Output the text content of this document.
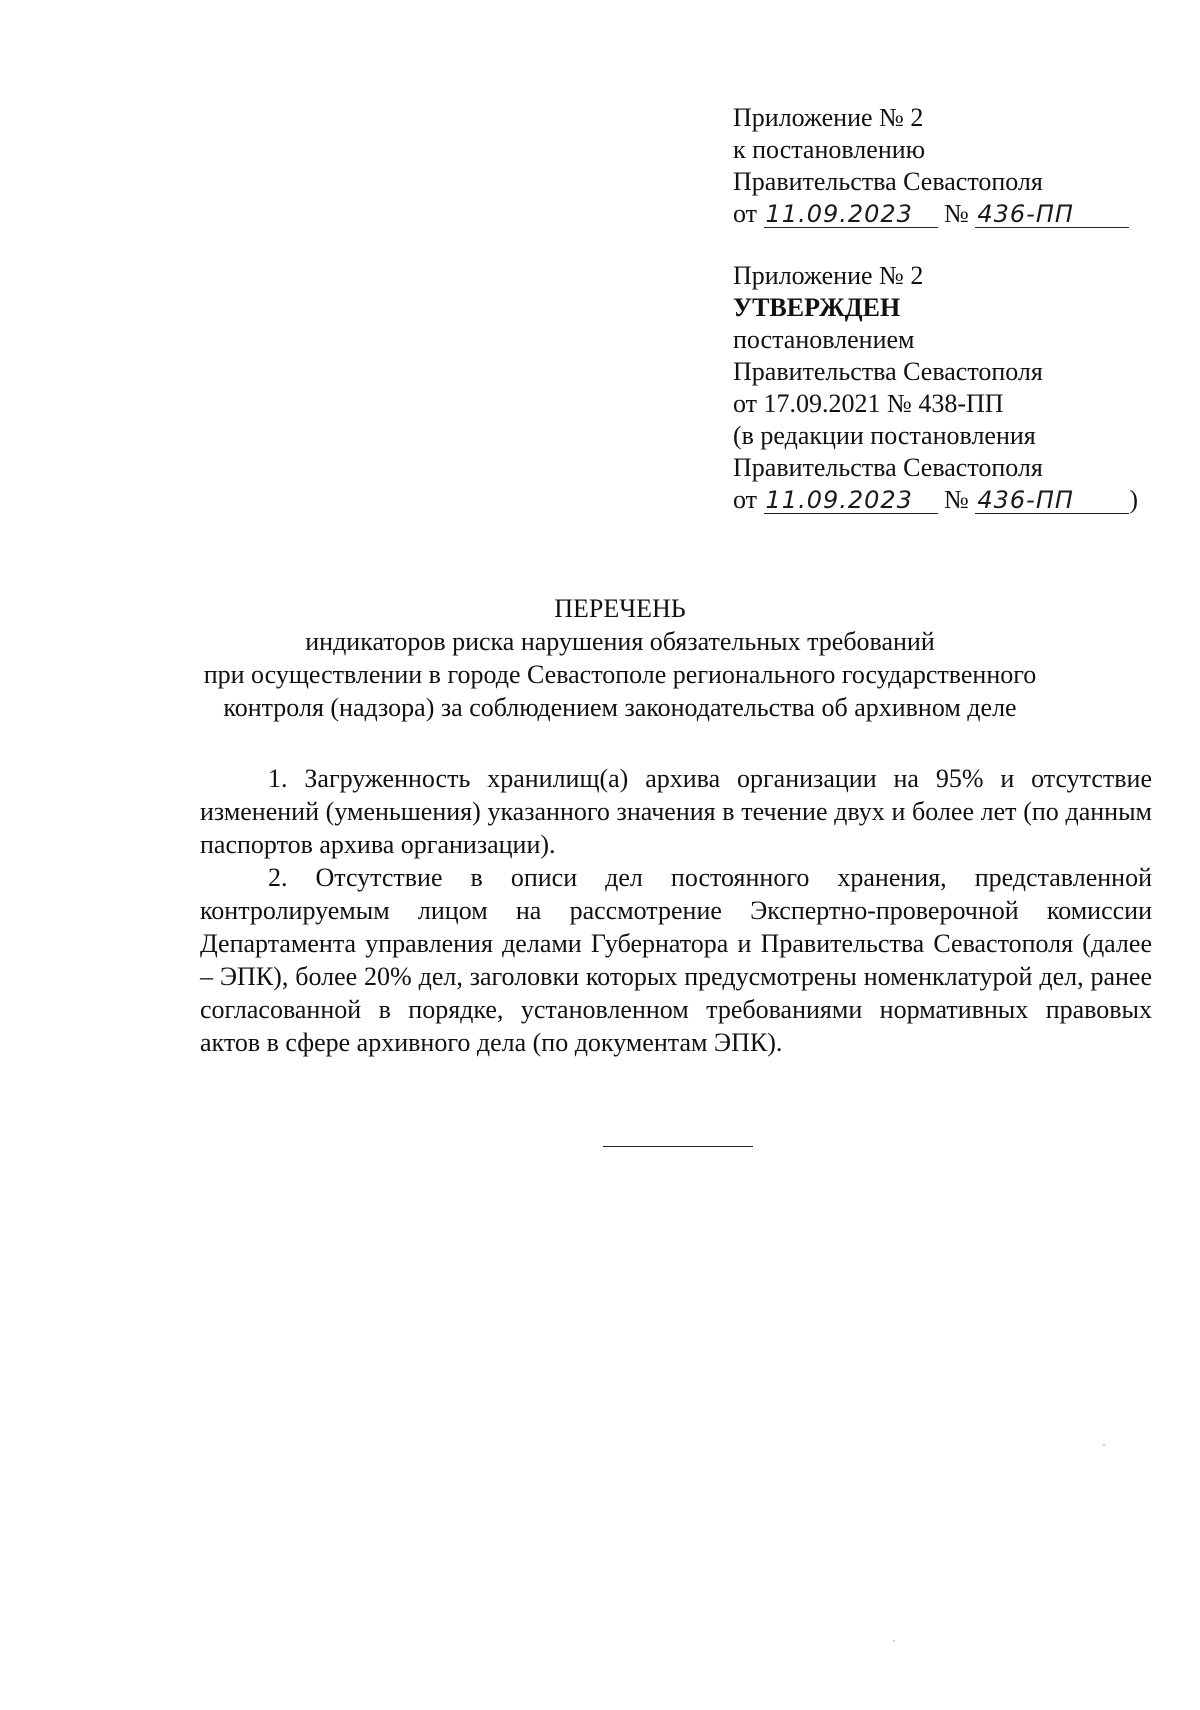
Приложение № 2
к постановлению
Правительства Севастополя
от 11.09.2023 № 436-ПП
Приложение № 2
УТВЕРЖДЕН
постановлением
Правительства Севастополя
от 17.09.2021 № 438-ПП
(в редакции постановления
Правительства Севастополя
от 11.09.2023 № 436-ПП )
ПЕРЕЧЕНЬ
индикаторов риска нарушения обязательных требований
при осуществлении в городе Севастополе регионального государственного
контроля (надзора) за соблюдением законодательства об архивном деле

1. Загруженность хранилищ(а) архива организации на 95% и отсутствие изменений (уменьшения) указанного значения в течение двух и более лет (по данным паспортов архива организации).

2. Отсутствие в описи дел постоянного хранения, представленной контролируемым лицом на рассмотрение Экспертно-проверочной комиссии Департамента управления делами Губернатора и Правительства Севастополя (далее – ЭПК), более 20% дел, заголовки которых предусмотрены номенклатурой дел, ранее согласованной в порядке, установленном требованиями нормативных правовых актов в сфере архивного дела (по документам ЭПК).
